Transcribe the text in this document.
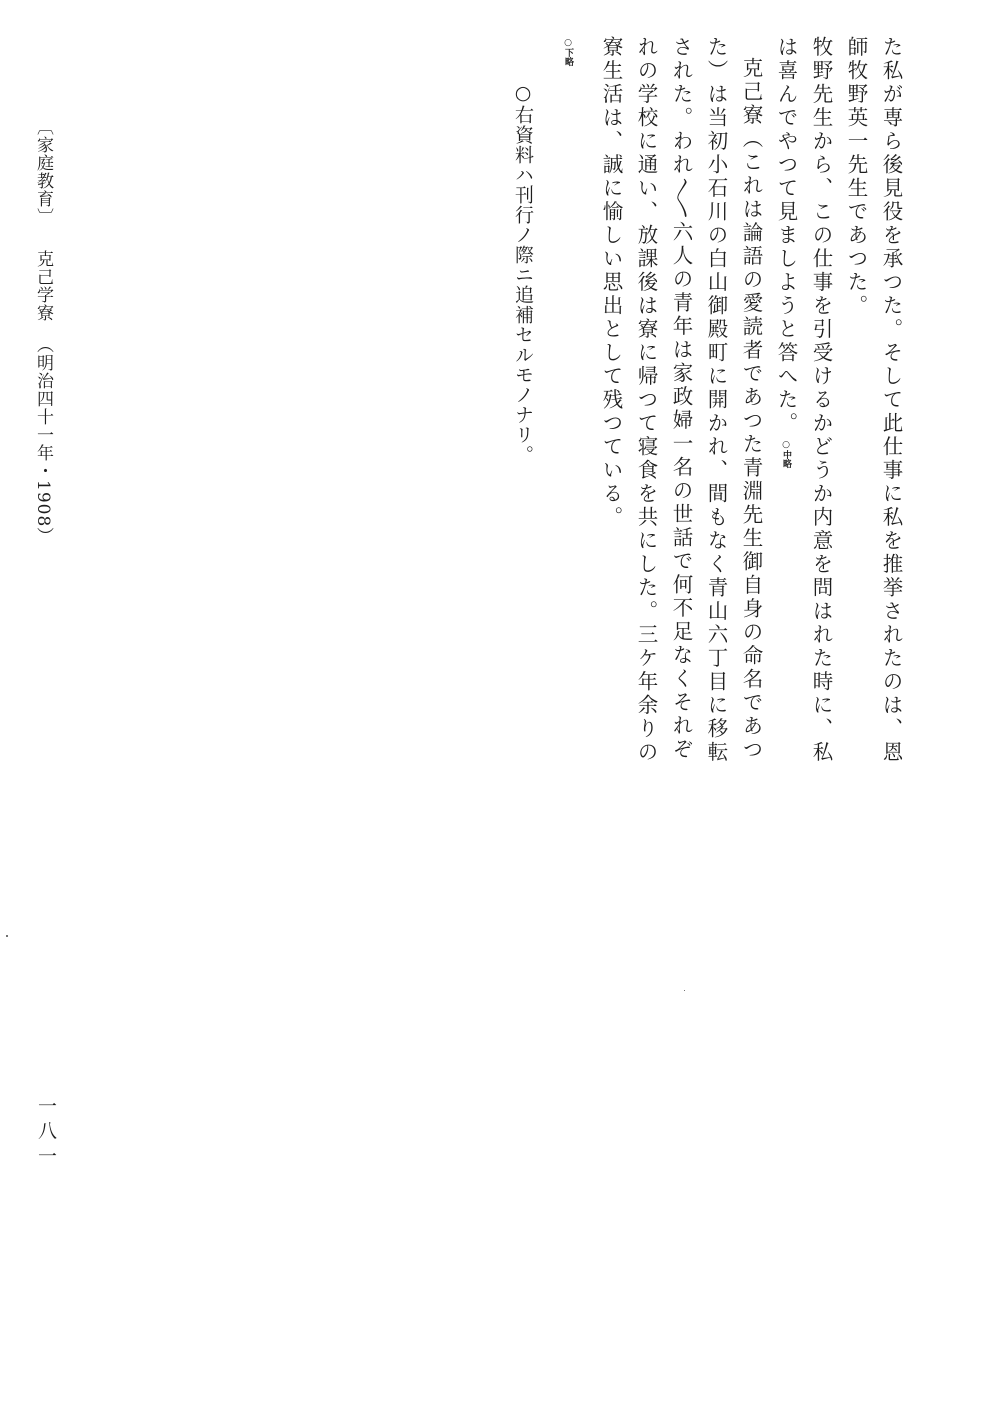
た私が専ら後見役を承つた。そして此仕事に私を推挙されたのは、恩
師牧野英一先生であつた。
牧野先生から、この仕事を引受けるかどうか内意を問はれた時に、私
は喜んでやつて見ましようと答へた。○中略
克己寮（これは論語の愛読者であつた青淵先生御自身の命名であつ
た）は当初小石川の白山御殿町に開かれ、間もなく青山六丁目に移転
された。われ〳〵六人の青年は家政婦一名の世話で何不足なくそれぞ
れの学校に通い、放課後は寮に帰つて寝食を共にした。三ケ年余りの
寮生活は、誠に愉しい思出として残つている。
○下略
○右資料ハ刊行ノ際ニ追補セルモノナリ。
〔家庭教育〕克己学寮（明治四十一年・1908）
一八一
